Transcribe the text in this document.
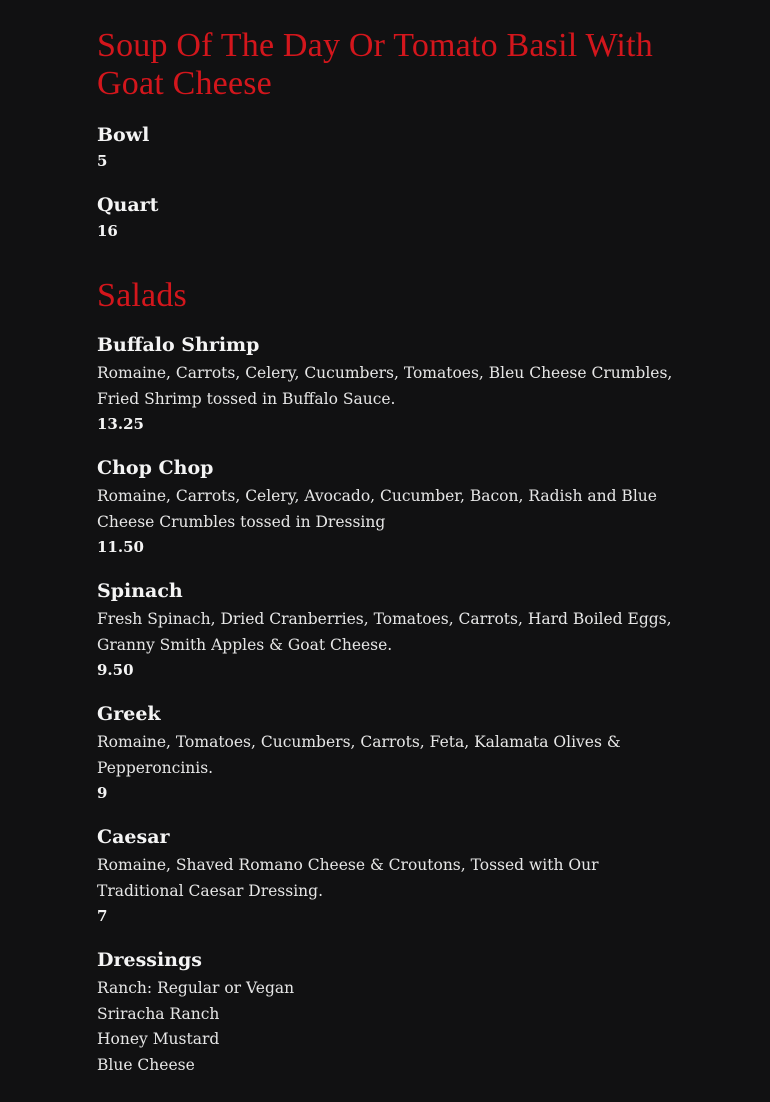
Soup Of The Day Or Tomato Basil With Goat Cheese
Bowl
5
Quart
16
Salads
Buffalo Shrimp

Romaine, Carrots, Celery, Cucumbers, Tomatoes, Bleu Cheese Crumbles, Fried Shrimp tossed in Buffalo Sauce.

13.25
Chop Chop

Romaine, Carrots, Celery, Avocado, Cucumber, Bacon, Radish and Blue Cheese Crumbles tossed in Dressing

11.50
Spinach

Fresh Spinach, Dried Cranberries, Tomatoes, Carrots, Hard Boiled Eggs, Granny Smith Apples & Goat Cheese.

9.50
Greek

Romaine, Tomatoes, Cucumbers, Carrots, Feta, Kalamata Olives & Pepperoncinis.

9
Caesar

Romaine, Shaved Romano Cheese & Croutons, Tossed with Our Traditional Caesar Dressing.

7
Dressings

Ranch: Regular or Vegan

Sriracha Ranch

Honey Mustard

Blue Cheese
